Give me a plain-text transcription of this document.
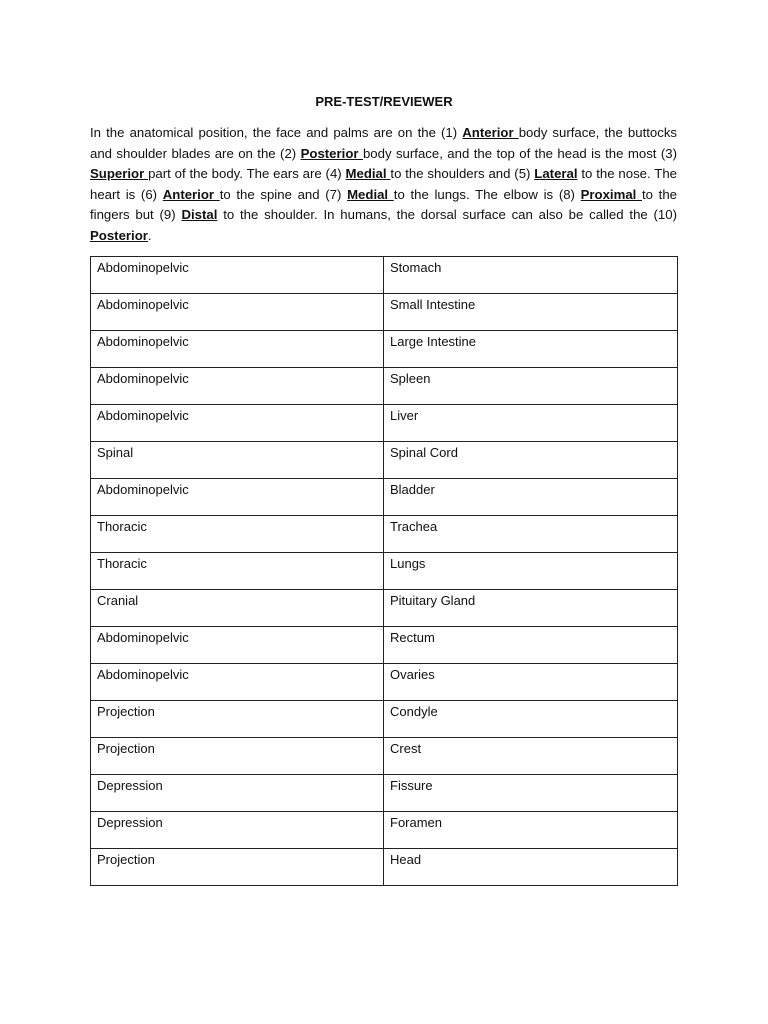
PRE-TEST/REVIEWER

In the anatomical position, the face and palms are on the (1) Anterior body surface, the buttocks and shoulder blades are on the (2) Posterior body surface, and the top of the head is the most (3) Superior part of the body. The ears are (4) Medial to the shoulders and (5) Lateral to the nose. The heart is (6) Anterior to the spine and (7) Medial to the lungs. The elbow is (8) Proximal to the fingers but (9) Distal to the shoulder. In humans, the dorsal surface can also be called the (10) Posterior.

Abdominopelvic	Stomach
Abdominopelvic	Small Intestine
Abdominopelvic	Large Intestine
Abdominopelvic	Spleen
Abdominopelvic	Liver
Spinal	Spinal Cord
Abdominopelvic	Bladder
Thoracic	Trachea
Thoracic	Lungs
Cranial	Pituitary Gland
Abdominopelvic	Rectum
Abdominopelvic	Ovaries
Projection	Condyle
Projection	Crest
Depression	Fissure
Depression	Foramen
Projection	Head
